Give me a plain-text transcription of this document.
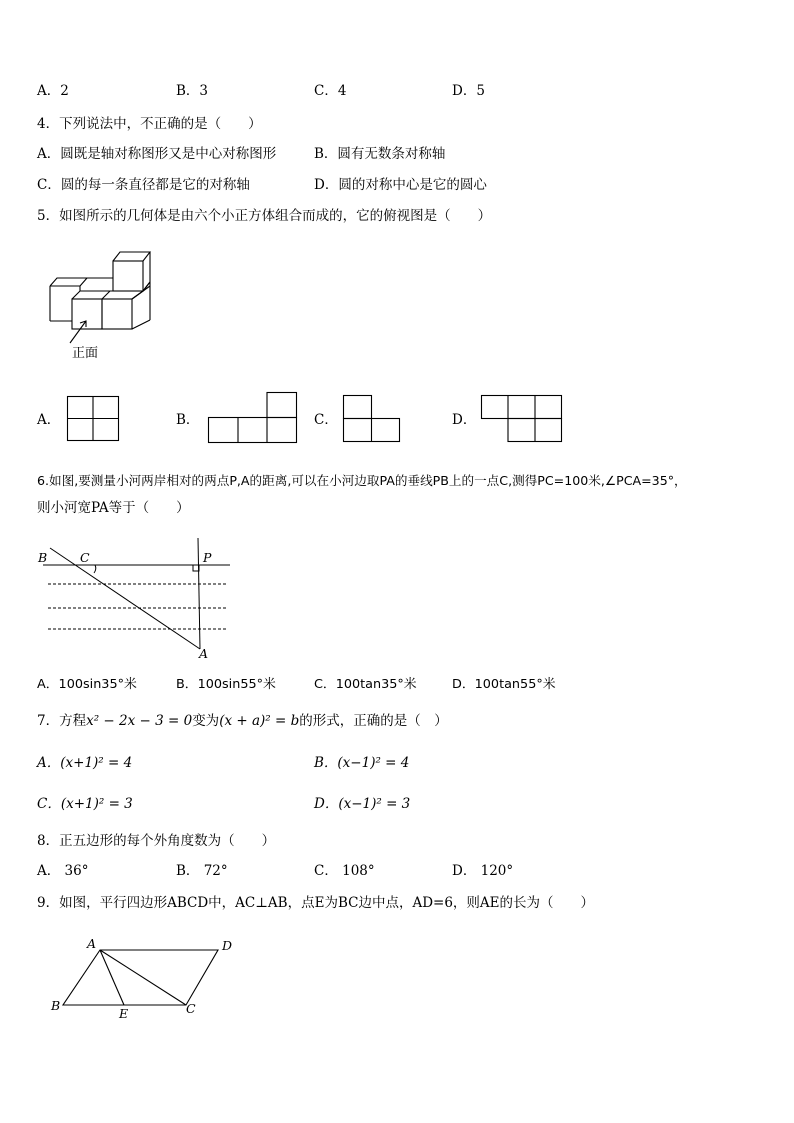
A．2	B．3	C．4	D．5
4．下列说法中，不正确的是（　　）
A．圆既是轴对称图形又是中心对称图形	B．圆有无数条对称轴
C．圆的每一条直径都是它的对称轴	D．圆的对称中心是它的圆心
5．如图所示的几何体是由六个小正方体组合而成的，它的俯视图是（　　）
正面
A．	B．	C．	D．
6.如图,要测量小河两岸相对的两点P,A的距离,可以在小河边取PA的垂线PB上的一点C,测得PC=100米,∠PCA=35°，
则小河宽PA等于（　　）
B	C	P
A
A．100sin35°米	B．100sin55°米	C．100tan35°米	D．100tan55°米
7．方程x² − 2x − 3 = 0变为(x + a)² = b的形式，正确的是（　）
A．(x+1)² = 4	B．(x−1)² = 4
C．(x+1)² = 3	D．(x−1)² = 3
8．正五边形的每个外角度数为（　　）
A． 36°	B． 72°	C． 108°	D． 120°
9．如图，平行四边形ABCD中，AC⊥AB，点E为BC边中点，AD=6，则AE的长为（　　）
A	D
B
E	C
